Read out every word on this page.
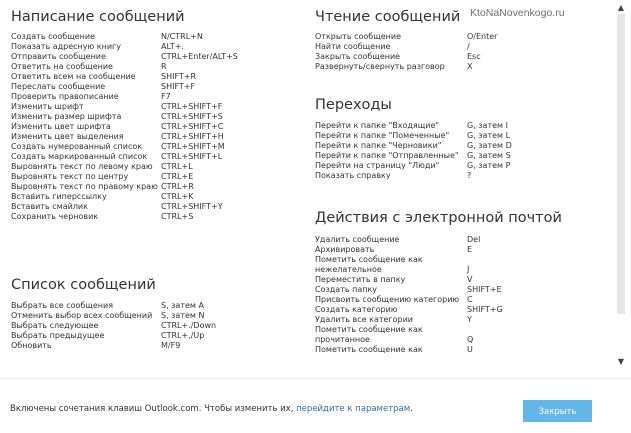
KtoNaNovenkogo.ru
Написание сообщений
Создать сообщение	N/CTRL+N
Показать адресную книгу	ALT+.
Отправить сообщение	CTRL+Enter/ALT+S
Ответить на сообщение	R
Ответить всем на сообщение	SHIFT+R
Переслать сообщение	SHIFT+F
Проверить правописание	F7
Изменить шрифт	CTRL+SHIFT+F
Изменить размер шрифта	CTRL+SHIFT+S
Изменить цвет шрифта	CTRL+SHIFT+C
Изменить цвет выделения	CTRL+SHIFT+H
Создать нумерованный список	CTRL+SHIFT+M
Создать маркированный список	CTRL+SHIFT+L
Выровнять текст по левому краю	CTRL+L
Выровнять текст по центру	CTRL+E
Выровнять текст по правому краю CTRL+R
Вставить гиперссылку	CTRL+K
Вставить смайлик	CTRL+SHIFT+Y
Сохранить черновик	CTRL+S
Список сообщений
Выбрать все сообщения	S, затем A
Отменить выбор всех сообщений	S, затем N
Выбрать следующее	CTRL+./Down
Выбрать предыдущее	CTRL+,/Up
Обновить	M/F9
Чтение сообщений
Открыть сообщение	O/Enter
Найти сообщение	/
Закрыть сообщение	Esc
Развернуть/свернуть разговор	X
Переходы
Перейти к папке "Входящие"	G, затем I
Перейти к папке "Помеченные"	G, затем L
Перейти к папке "Черновики"	G, затем D
Перейти к папке "Отправленные"	G, затем S
Перейти на страницу "Люди"	G, затем P
Показать справку	?
Действия с электронной почтой
Удалить сообщение	Del
Архивировать	E
Пометить сообщение как нежелательное	J
Переместить в папку	V
Создать папку	SHIFT+E
Присвоить сообщению категорию C
Создать категорию	SHIFT+G
Удалить все категории	Y
Пометить сообщение как прочитанное	Q
Пометить сообщение как	U
▲
▼
Включены сочетания клавиш Outlook.com. Чтобы изменить их, перейдите к параметрам.	Закрыть
